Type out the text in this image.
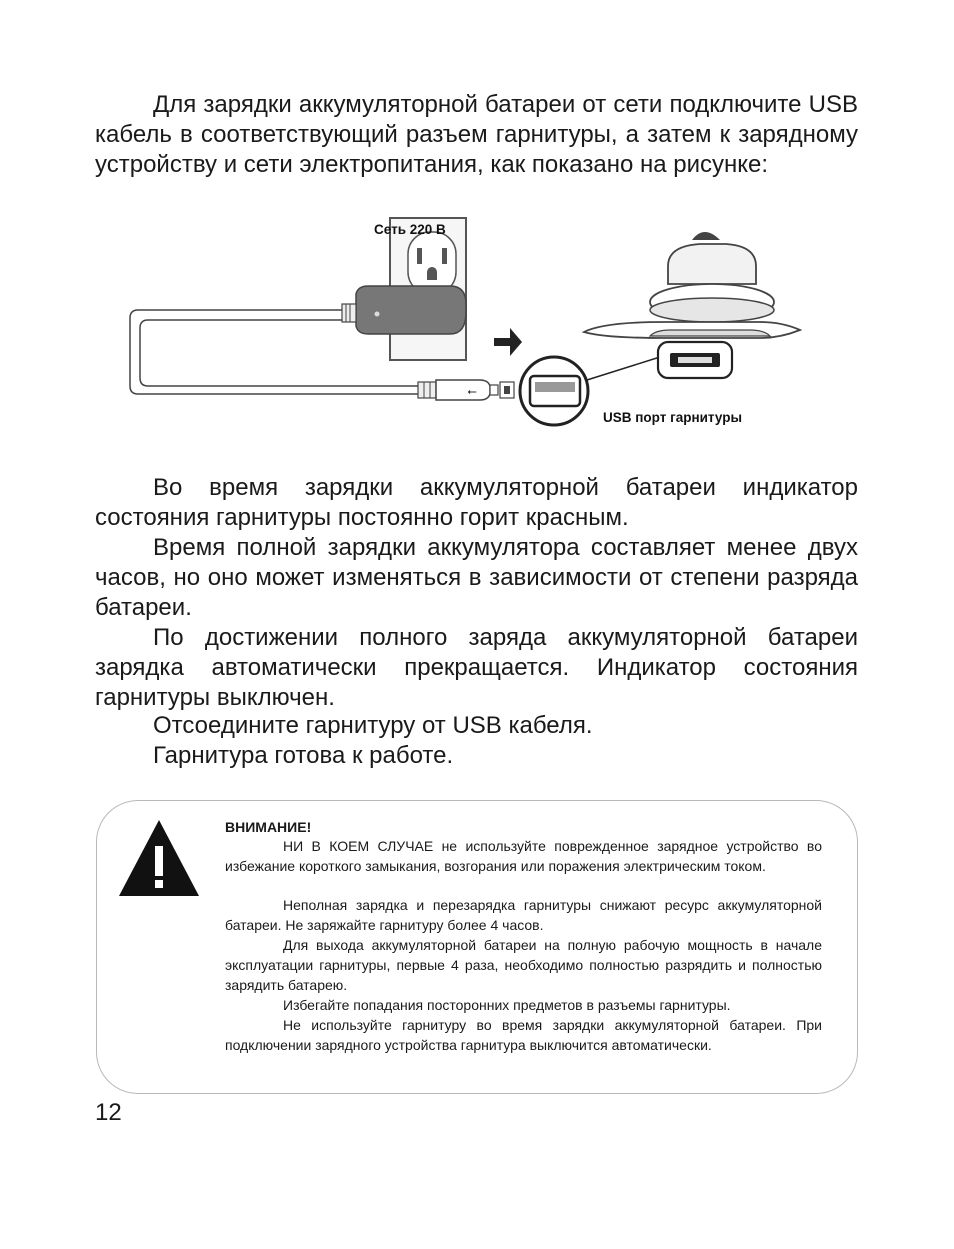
Для зарядки аккумуляторной батареи от сети подключите USB кабель в соответствующий разъем гарнитуры, а затем к зарядному устройству и сети электропитания, как показано на рисунке:

⭠
Сеть 220 В
USB порт гарнитуры

Во время зарядки аккумуляторной батареи индикатор состояния гарнитуры постоянно горит красным.

Время полной зарядки аккумулятора составляет менее двух часов, но оно может изменяться в зависимости от степени разряда батареи.

По достижении полного заряда аккумуляторной батареи зарядка автоматически прекращается. Индикатор состояния гарнитуры выключен.

Отсоедините гарнитуру от USB кабеля.

Гарнитура готова к работе.

ВНИМАНИЕ!

НИ В КОЕМ СЛУЧАЕ не используйте поврежденное зарядное устройство во избежание короткого замыкания, возгорания или поражения электрическим током.

Неполная зарядка и перезарядка гарнитуры снижают ресурс аккумуляторной батареи. Не заряжайте гарнитуру более 4 часов.

Для выхода аккумуляторной батареи на полную рабочую мощность в начале эксплуатации гарнитуры, первые 4 раза, необходимо полностью разрядить и полностью зарядить батарею.

Избегайте попадания посторонних предметов в разъемы гарнитуры.

Не используйте гарнитуру во время зарядки аккумуляторной батареи. При подключении зарядного устройства гарнитура выключится автоматически.

12
